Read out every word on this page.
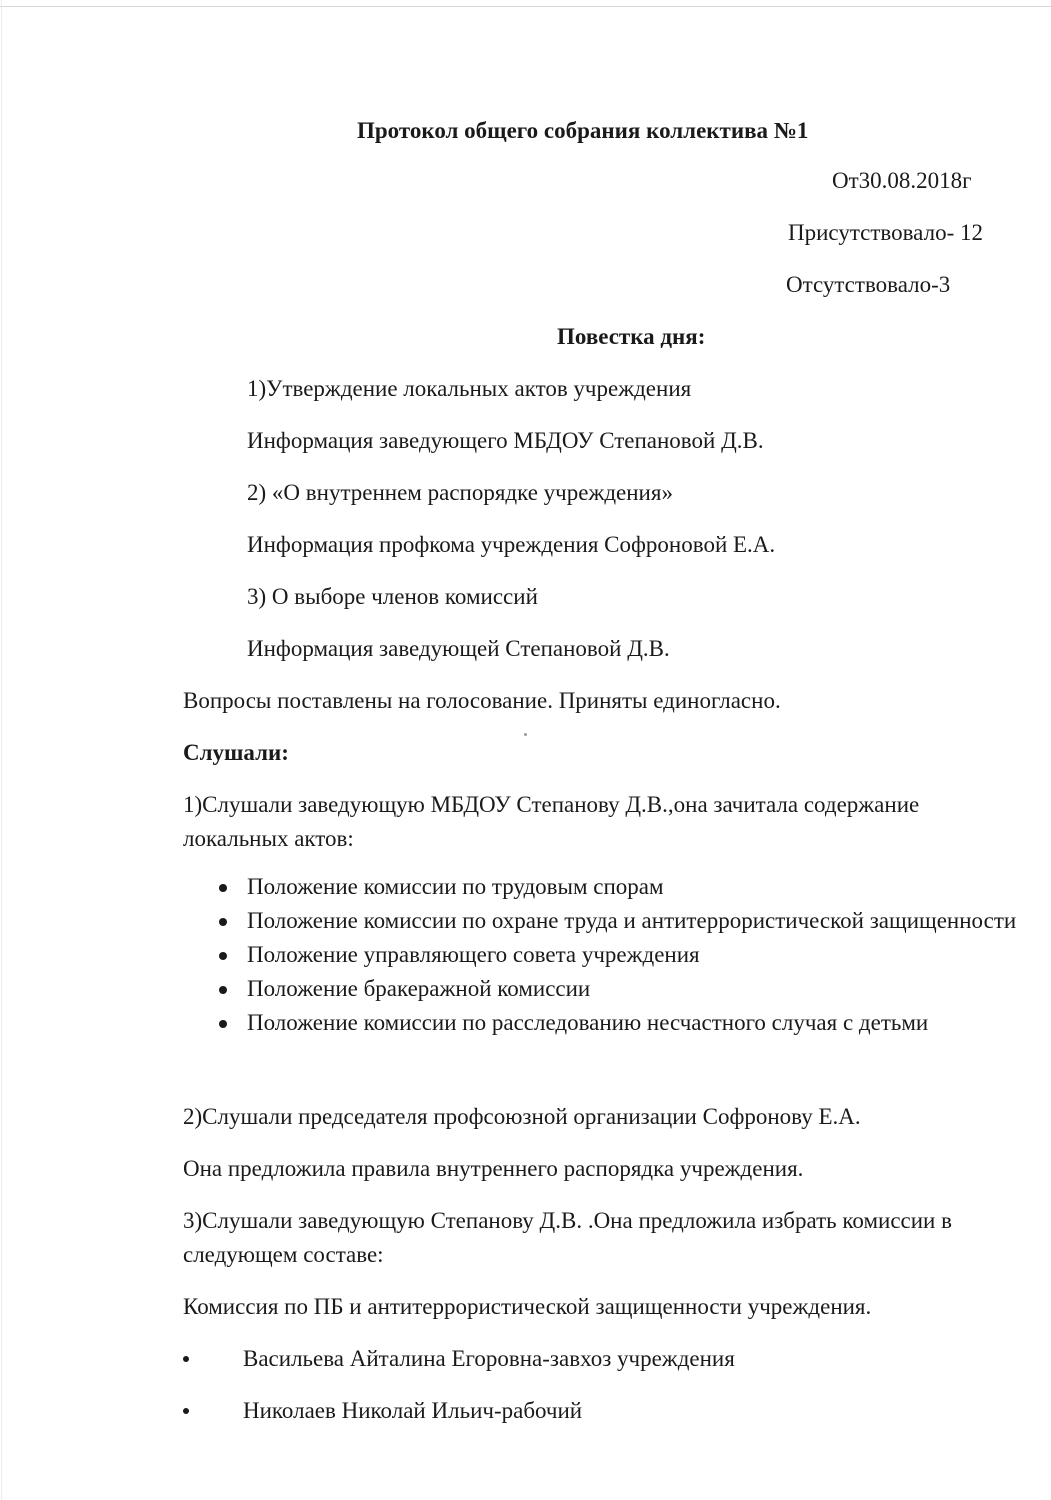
Протокол общего собрания коллектива №1

От30.08.2018г

Присутствовало- 12

Отсутствовало-3

Повестка дня:

1)Утверждение локальных актов учреждения

Информация заведующего МБДОУ Степановой Д.В.

2) «О внутреннем распорядке учреждения»

Информация профкома учреждения Софроновой Е.А.

3) О выборе членов комиссий

Информация заведующей Степановой Д.В.

Вопросы поставлены на голосование. Приняты единогласно.

Слушали:

1)Слушали заведующую МБДОУ Степанову Д.В.,она зачитала содержание локальных актов:

Положение комиссии по трудовым спорам
Положение комиссии по охране труда и антитеррористической защищенности
Положение управляющего совета учреждения
Положение бракеражной комиссии
Положение комиссии по расследованию несчастного случая с детьми

2)Слушали председателя профсоюзной организации Софронову Е.А.

Она предложила правила внутреннего распорядка учреждения.

3)Слушали заведующую Степанову Д.В. .Она предложила избрать комиссии в следующем составе:

Комиссия по ПБ и антитеррористической защищенности учреждения.

Васильева Айталина Егоровна-завхоз учреждения
Николаев Николай Ильич-рабочий
